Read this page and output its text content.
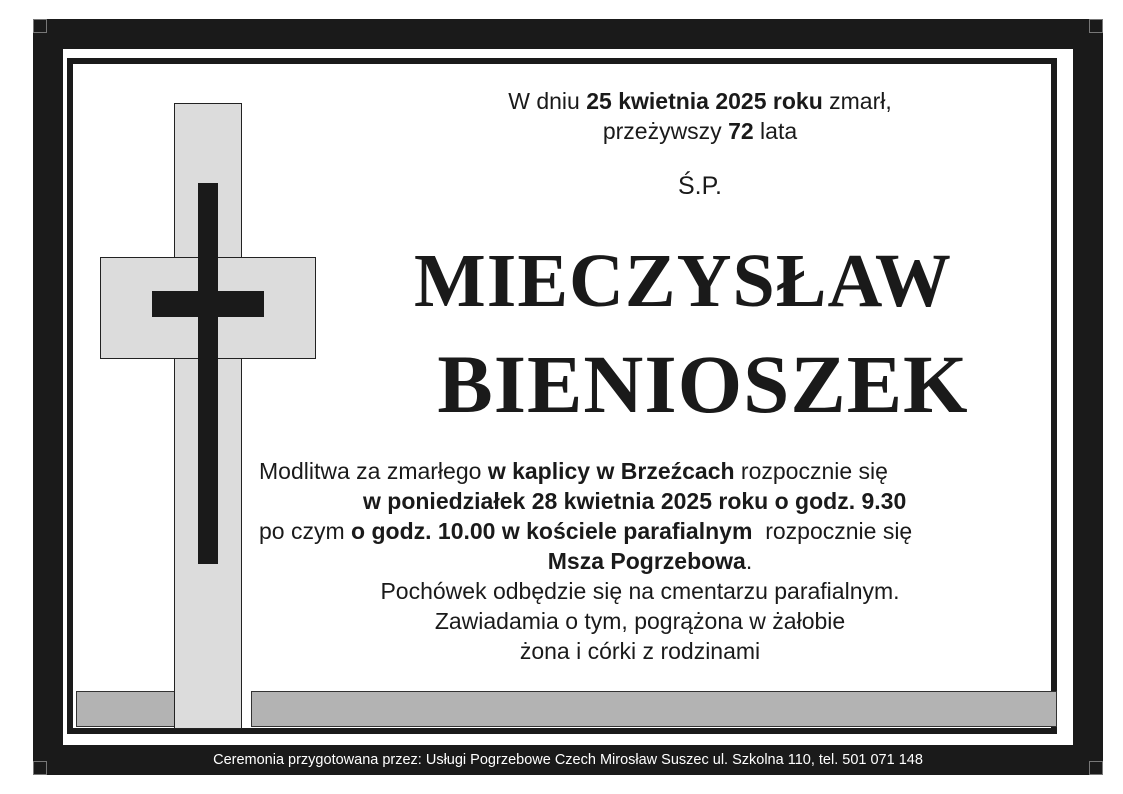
W dniu 25 kwietnia 2025 roku zmarł,
przeżywszy 72 lata
Ś.P.
MIECZYSŁAW
BIENIOSZEK
Modlitwa za zmarłego w kaplicy w Brzeźcach rozpocznie się
w poniedziałek 28 kwietnia 2025 roku o godz. 9.30
po czym o godz. 10.00 w kościele parafialnym  rozpocznie się
Msza Pogrzebowa.
Pochówek odbędzie się na cmentarzu parafialnym.
Zawiadamia o tym, pogrążona w żałobie
żona i córki z rodzinami
Ceremonia przygotowana przez: Usługi Pogrzebowe Czech Mirosław Suszec ul. Szkolna 110, tel. 501 071 148
